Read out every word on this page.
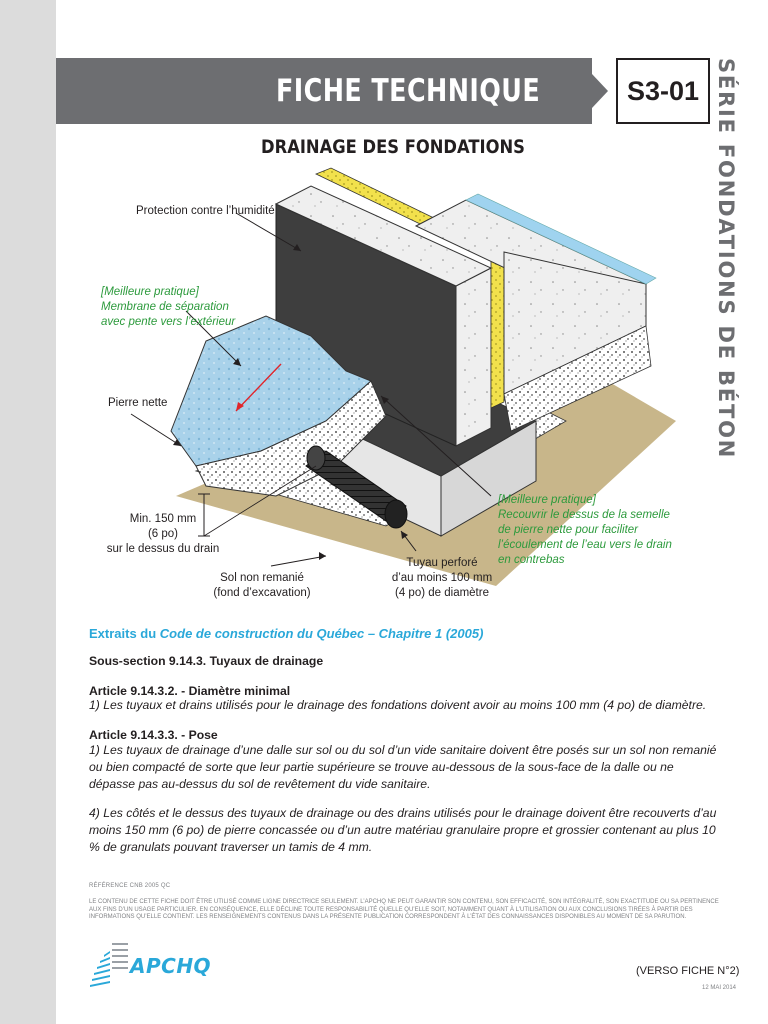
FICHE TECHNIQUE	S3-01 SÉRIE FONDATIONS DE BÉTON
DRAINAGE DES FONDATIONS
Protection contre l’humidité
[Meilleure pratique]
Membrane de séparation
avec pente vers l’extérieur
Pierre nette
Min. 150 mm
(6 po)
sur le dessus du drain
Sol non remanié
(fond d’excavation)
Tuyau perforé
d’au moins 100 mm
(4 po) de diamètre
[Meilleure pratique]
Recouvrir le dessus de la semelle
de pierre nette pour faciliter
l’écoulement de l’eau vers le drain
en contrebas
Extraits du Code de construction du Québec – Chapitre 1 (2005)
Sous-section 9.14.3. Tuyaux de drainage
Article 9.14.3.2. - Diamètre minimal
1) Les tuyaux et drains utilisés pour le drainage des fondations doivent avoir au moins 100 mm (4 po) de diamètre.
Article 9.14.3.3. - Pose
1) Les tuyaux de drainage d’une dalle sur sol ou du sol d’un vide sanitaire doivent être posés sur un sol non remanié ou bien compacté de sorte que leur partie supérieure se trouve au-dessous de la sous-face de la dalle ou ne dépasse pas au-dessus du sol de revêtement du vide sanitaire.
4) Les côtés et le dessus des tuyaux de drainage ou des drains utilisés pour le drainage doivent être recouverts d’au moins 150 mm (6 po) de pierre concassée ou d’un autre matériau granulaire propre et grossier contenant au plus 10 % de granulats pouvant traverser un tamis de 4 mm.
RÉFÉRENCE CNB 2005 QC
LE CONTENU DE CETTE FICHE DOIT ÊTRE UTILISÉ COMME LIGNE DIRECTRICE SEULEMENT. L’APCHQ NE PEUT GARANTIR SON CONTENU, SON EFFICACITÉ, SON INTÉGRALITÉ, SON EXACTITUDE OU SA PERTINENCE AUX FINS D’UN USAGE PARTICULIER. EN CONSÉQUENCE, ELLE DÉCLINE TOUTE RESPONSABILITÉ QUELLE QU’ELLE SOIT, NOTAMMENT QUANT À L’UTILISATION OU AUX CONCLUSIONS TIRÉES À PARTIR DES INFORMATIONS QU’ELLE CONTIENT. LES RENSEIGNEMENTS CONTENUS DANS LA PRÉSENTE PUBLICATION CORRESPONDENT À L’ÉTAT DES CONNAISSANCES DISPONIBLES AU MOMENT DE SA PARUTION.
APCHQ	(VERSO FICHE N°2)
12 MAI 2014
